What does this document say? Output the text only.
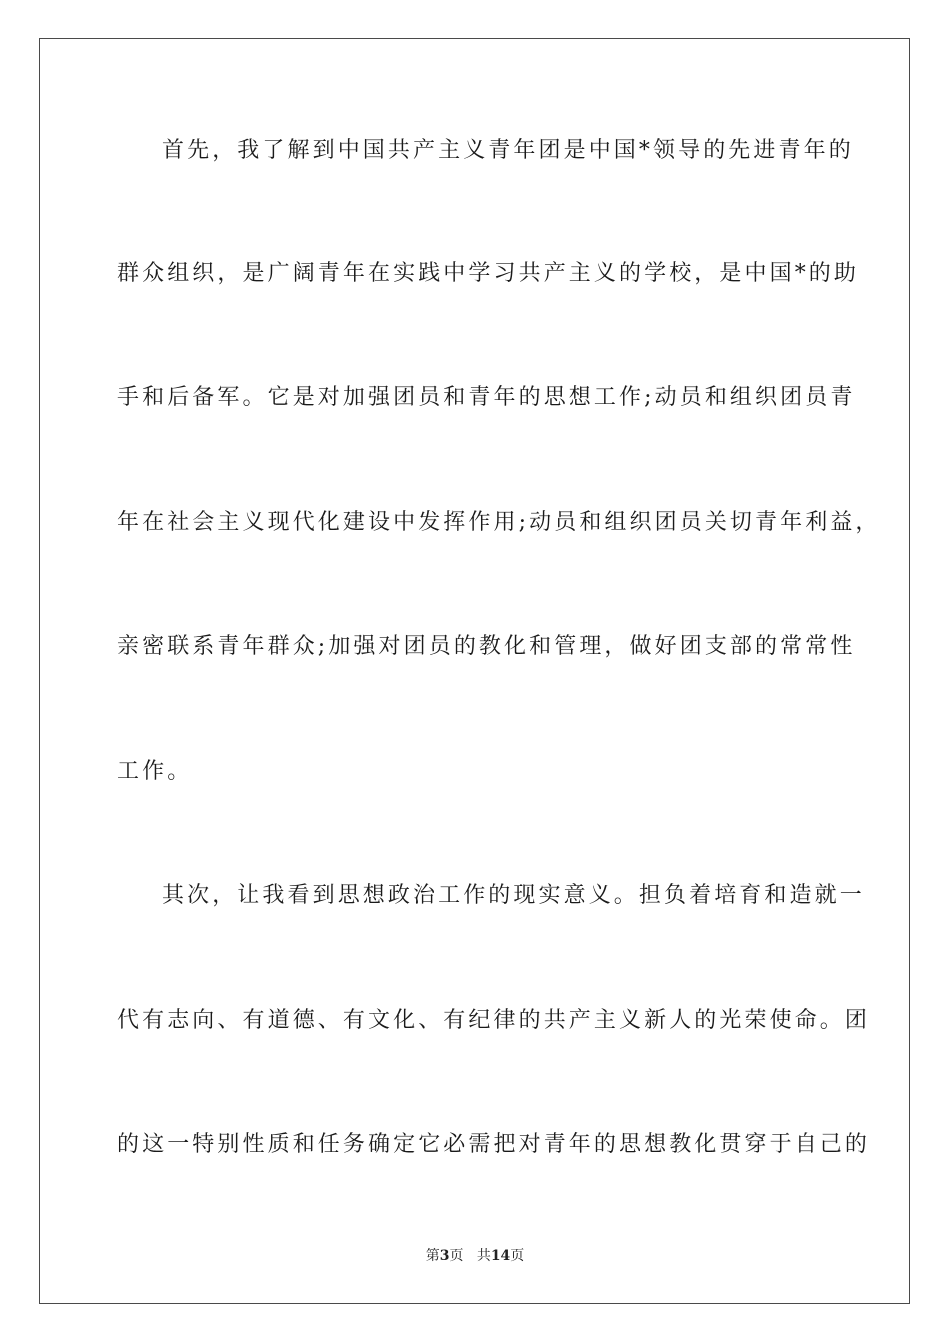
首先，我了解到中国共产主义青年团是中国*领导的先进青年的
群众组织，是广阔青年在实践中学习共产主义的学校，是中国*的助
手和后备军。它是对加强团员和青年的思想工作;动员和组织团员青
年在社会主义现代化建设中发挥作用;动员和组织团员关切青年利益，
亲密联系青年群众;加强对团员的教化和管理，做好团支部的常常性
工作。
其次，让我看到思想政治工作的现实意义。担负着培育和造就一
代有志向、有道德、有文化、有纪律的共产主义新人的光荣使命。团
的这一特别性质和任务确定它必需把对青年的思想教化贯穿于自己的
第3页 共14页
